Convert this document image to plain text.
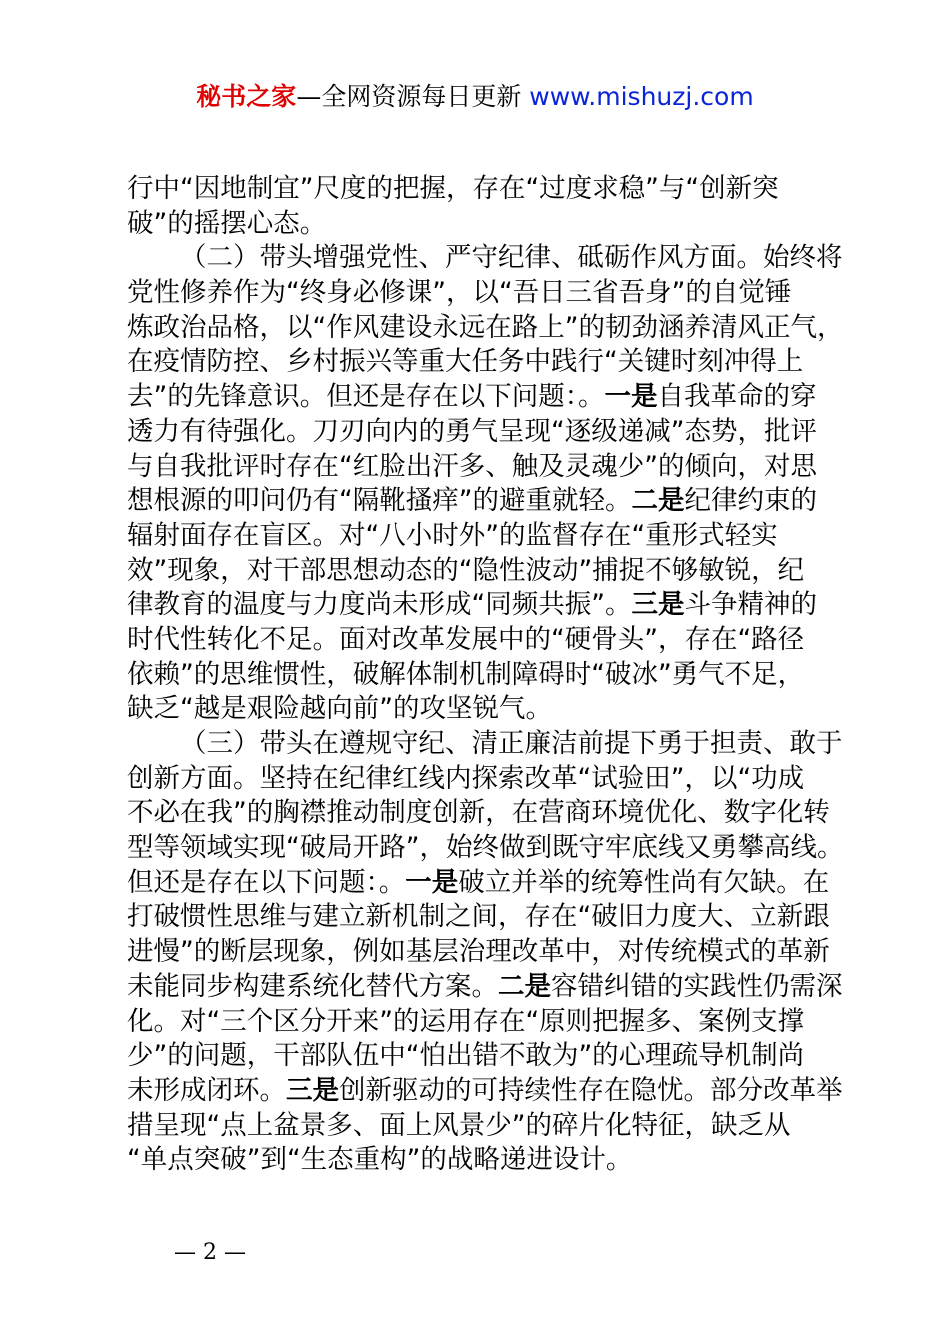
秘书之家—全网资源每日更新 www.mishuzj.com
行中“因地制宜”尺度的把握，存在“过度求稳”与“创新突
破”的摇摆心态。
（二）带头增强党性、严守纪律、砥砺作风方面。始终将
党性修养作为“终身必修课”，以“吾日三省吾身”的自觉锤
炼政治品格，以“作风建设永远在路上”的韧劲涵养清风正气，
在疫情防控、乡村振兴等重大任务中践行“关键时刻冲得上
去”的先锋意识。但还是存在以下问题：。一是自我革命的穿
透力有待强化。刀刃向内的勇气呈现“逐级递减”态势，批评
与自我批评时存在“红脸出汗多、触及灵魂少”的倾向，对思
想根源的叩问仍有“隔靴搔痒”的避重就轻。二是纪律约束的
辐射面存在盲区。对“八小时外”的监督存在“重形式轻实
效”现象，对干部思想动态的“隐性波动”捕捉不够敏锐，纪
律教育的温度与力度尚未形成“同频共振”。三是斗争精神的
时代性转化不足。面对改革发展中的“硬骨头”，存在“路径
依赖”的思维惯性，破解体制机制障碍时“破冰”勇气不足，
缺乏“越是艰险越向前”的攻坚锐气。
（三）带头在遵规守纪、清正廉洁前提下勇于担责、敢于
创新方面。坚持在纪律红线内探索改革“试验田”，以“功成
不必在我”的胸襟推动制度创新，在营商环境优化、数字化转
型等领域实现“破局开路”，始终做到既守牢底线又勇攀高线。
但还是存在以下问题：。一是破立并举的统筹性尚有欠缺。在
打破惯性思维与建立新机制之间，存在“破旧力度大、立新跟
进慢”的断层现象，例如基层治理改革中，对传统模式的革新
未能同步构建系统化替代方案。二是容错纠错的实践性仍需深
化。对“三个区分开来”的运用存在“原则把握多、案例支撑
少”的问题，干部队伍中“怕出错不敢为”的心理疏导机制尚
未形成闭环。三是创新驱动的可持续性存在隐忧。部分改革举
措呈现“点上盆景多、面上风景少”的碎片化特征，缺乏从
“单点突破”到“生态重构”的战略递进设计。
— 2 —
